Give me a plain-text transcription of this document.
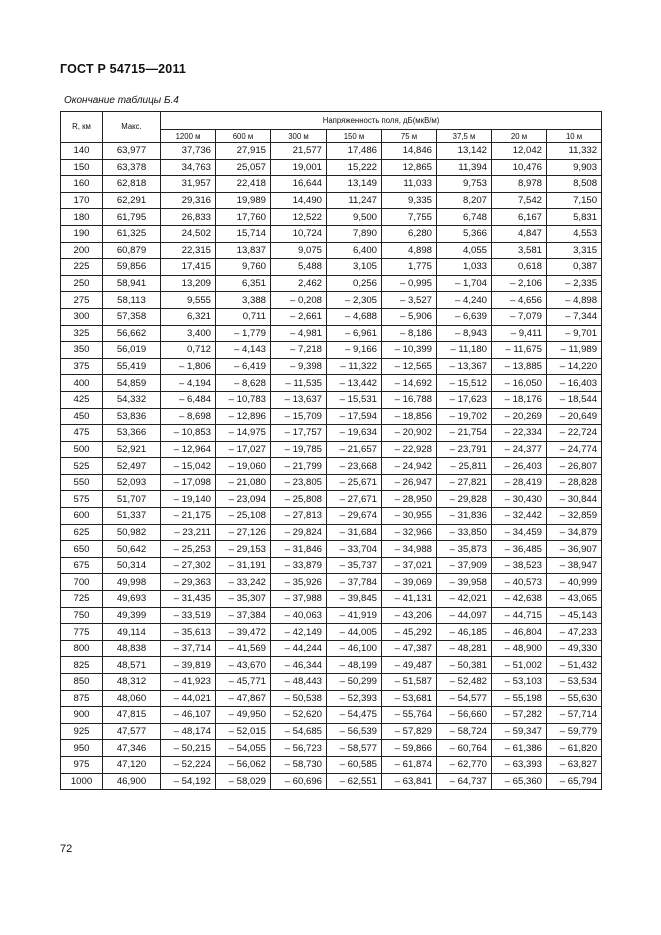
ГОСТ Р 54715—2011
Окончание таблицы Б.4
R, км	Макс.	Напряженность поля, дБ(мкВ/м)							
		1200 м	600 м	300 м	150 м	75 м	37,5 м	20 м	10 м
140	63,977	37,736	27,915	21,577	17,486	14,846	13,142	12,042	11,332
150	63,378	34,763	25,057	19,001	15,222	12,865	11,394	10,476	9,903
160	62,818	31,957	22,418	16,644	13,149	11,033	9,753	8,978	8,508
170	62,291	29,316	19,989	14,490	11,247	9,335	8,207	7,542	7,150
180	61,795	26,833	17,760	12,522	9,500	7,755	6,748	6,167	5,831
190	61,325	24,502	15,714	10,724	7,890	6,280	5,366	4,847	4,553
200	60,879	22,315	13,837	9,075	6,400	4,898	4,055	3,581	3,315
225	59,856	17,415	9,760	5,488	3,105	1,775	1,033	0,618	0,387
250	58,941	13,209	6,351	2,462	0,256	– 0,995	– 1,704	– 2,106	– 2,335
275	58,113	9,555	3,388	– 0,208	– 2,305	– 3,527	– 4,240	– 4,656	– 4,898
300	57,358	6,321	0,711	– 2,661	– 4,688	– 5,906	– 6,639	– 7,079	– 7,344
325	56,662	3,400	– 1,779	– 4,981	– 6,961	– 8,186	– 8,943	– 9,411	– 9,701
350	56,019	0,712	– 4,143	– 7,218	– 9,166	– 10,399	– 11,180	– 11,675	– 11,989
375	55,419	– 1,806	– 6,419	– 9,398	– 11,322	– 12,565	– 13,367	– 13,885	– 14,220
400	54,859	– 4,194	– 8,628	– 11,535	– 13,442	– 14,692	– 15,512	– 16,050	– 16,403
425	54,332	– 6,484	– 10,783	– 13,637	– 15,531	– 16,788	– 17,623	– 18,176	– 18,544
450	53,836	– 8,698	– 12,896	– 15,709	– 17,594	– 18,856	– 19,702	– 20,269	– 20,649
475	53,366	– 10,853	– 14,975	– 17,757	– 19,634	– 20,902	– 21,754	– 22,334	– 22,724
500	52,921	– 12,964	– 17,027	– 19,785	– 21,657	– 22,928	– 23,791	– 24,377	– 24,774
525	52,497	– 15,042	– 19,060	– 21,799	– 23,668	– 24,942	– 25,811	– 26,403	– 26,807
550	52,093	– 17,098	– 21,080	– 23,805	– 25,671	– 26,947	– 27,821	– 28,419	– 28,828
575	51,707	– 19,140	– 23,094	– 25,808	– 27,671	– 28,950	– 29,828	– 30,430	– 30,844
600	51,337	– 21,175	– 25,108	– 27,813	– 29,674	– 30,955	– 31,836	– 32,442	– 32,859
625	50,982	– 23,211	– 27,126	– 29,824	– 31,684	– 32,966	– 33,850	– 34,459	– 34,879
650	50,642	– 25,253	– 29,153	– 31,846	– 33,704	– 34,988	– 35,873	– 36,485	– 36,907
675	50,314	– 27,302	– 31,191	– 33,879	– 35,737	– 37,021	– 37,909	– 38,523	– 38,947
700	49,998	– 29,363	– 33,242	– 35,926	– 37,784	– 39,069	– 39,958	– 40,573	– 40,999
725	49,693	– 31,435	– 35,307	– 37,988	– 39,845	– 41,131	– 42,021	– 42,638	– 43,065
750	49,399	– 33,519	– 37,384	– 40,063	– 41,919	– 43,206	– 44,097	– 44,715	– 45,143
775	49,114	– 35,613	– 39,472	– 42,149	– 44,005	– 45,292	– 46,185	– 46,804	– 47,233
800	48,838	– 37,714	– 41,569	– 44,244	– 46,100	– 47,387	– 48,281	– 48,900	– 49,330
825	48,571	– 39,819	– 43,670	– 46,344	– 48,199	– 49,487	– 50,381	– 51,002	– 51,432
850	48,312	– 41,923	– 45,771	– 48,443	– 50,299	– 51,587	– 52,482	– 53,103	– 53,534
875	48,060	– 44,021	– 47,867	– 50,538	– 52,393	– 53,681	– 54,577	– 55,198	– 55,630
900	47,815	– 46,107	– 49,950	– 52,620	– 54,475	– 55,764	– 56,660	– 57,282	– 57,714
925	47,577	– 48,174	– 52,015	– 54,685	– 56,539	– 57,829	– 58,724	– 59,347	– 59,779
950	47,346	– 50,215	– 54,055	– 56,723	– 58,577	– 59,866	– 60,764	– 61,386	– 61,820
975	47,120	– 52,224	– 56,062	– 58,730	– 60,585	– 61,874	– 62,770	– 63,393	– 63,827
1000	46,900	– 54,192	– 58,029	– 60,696	– 62,551	– 63,841	– 64,737	– 65,360	– 65,794
72
